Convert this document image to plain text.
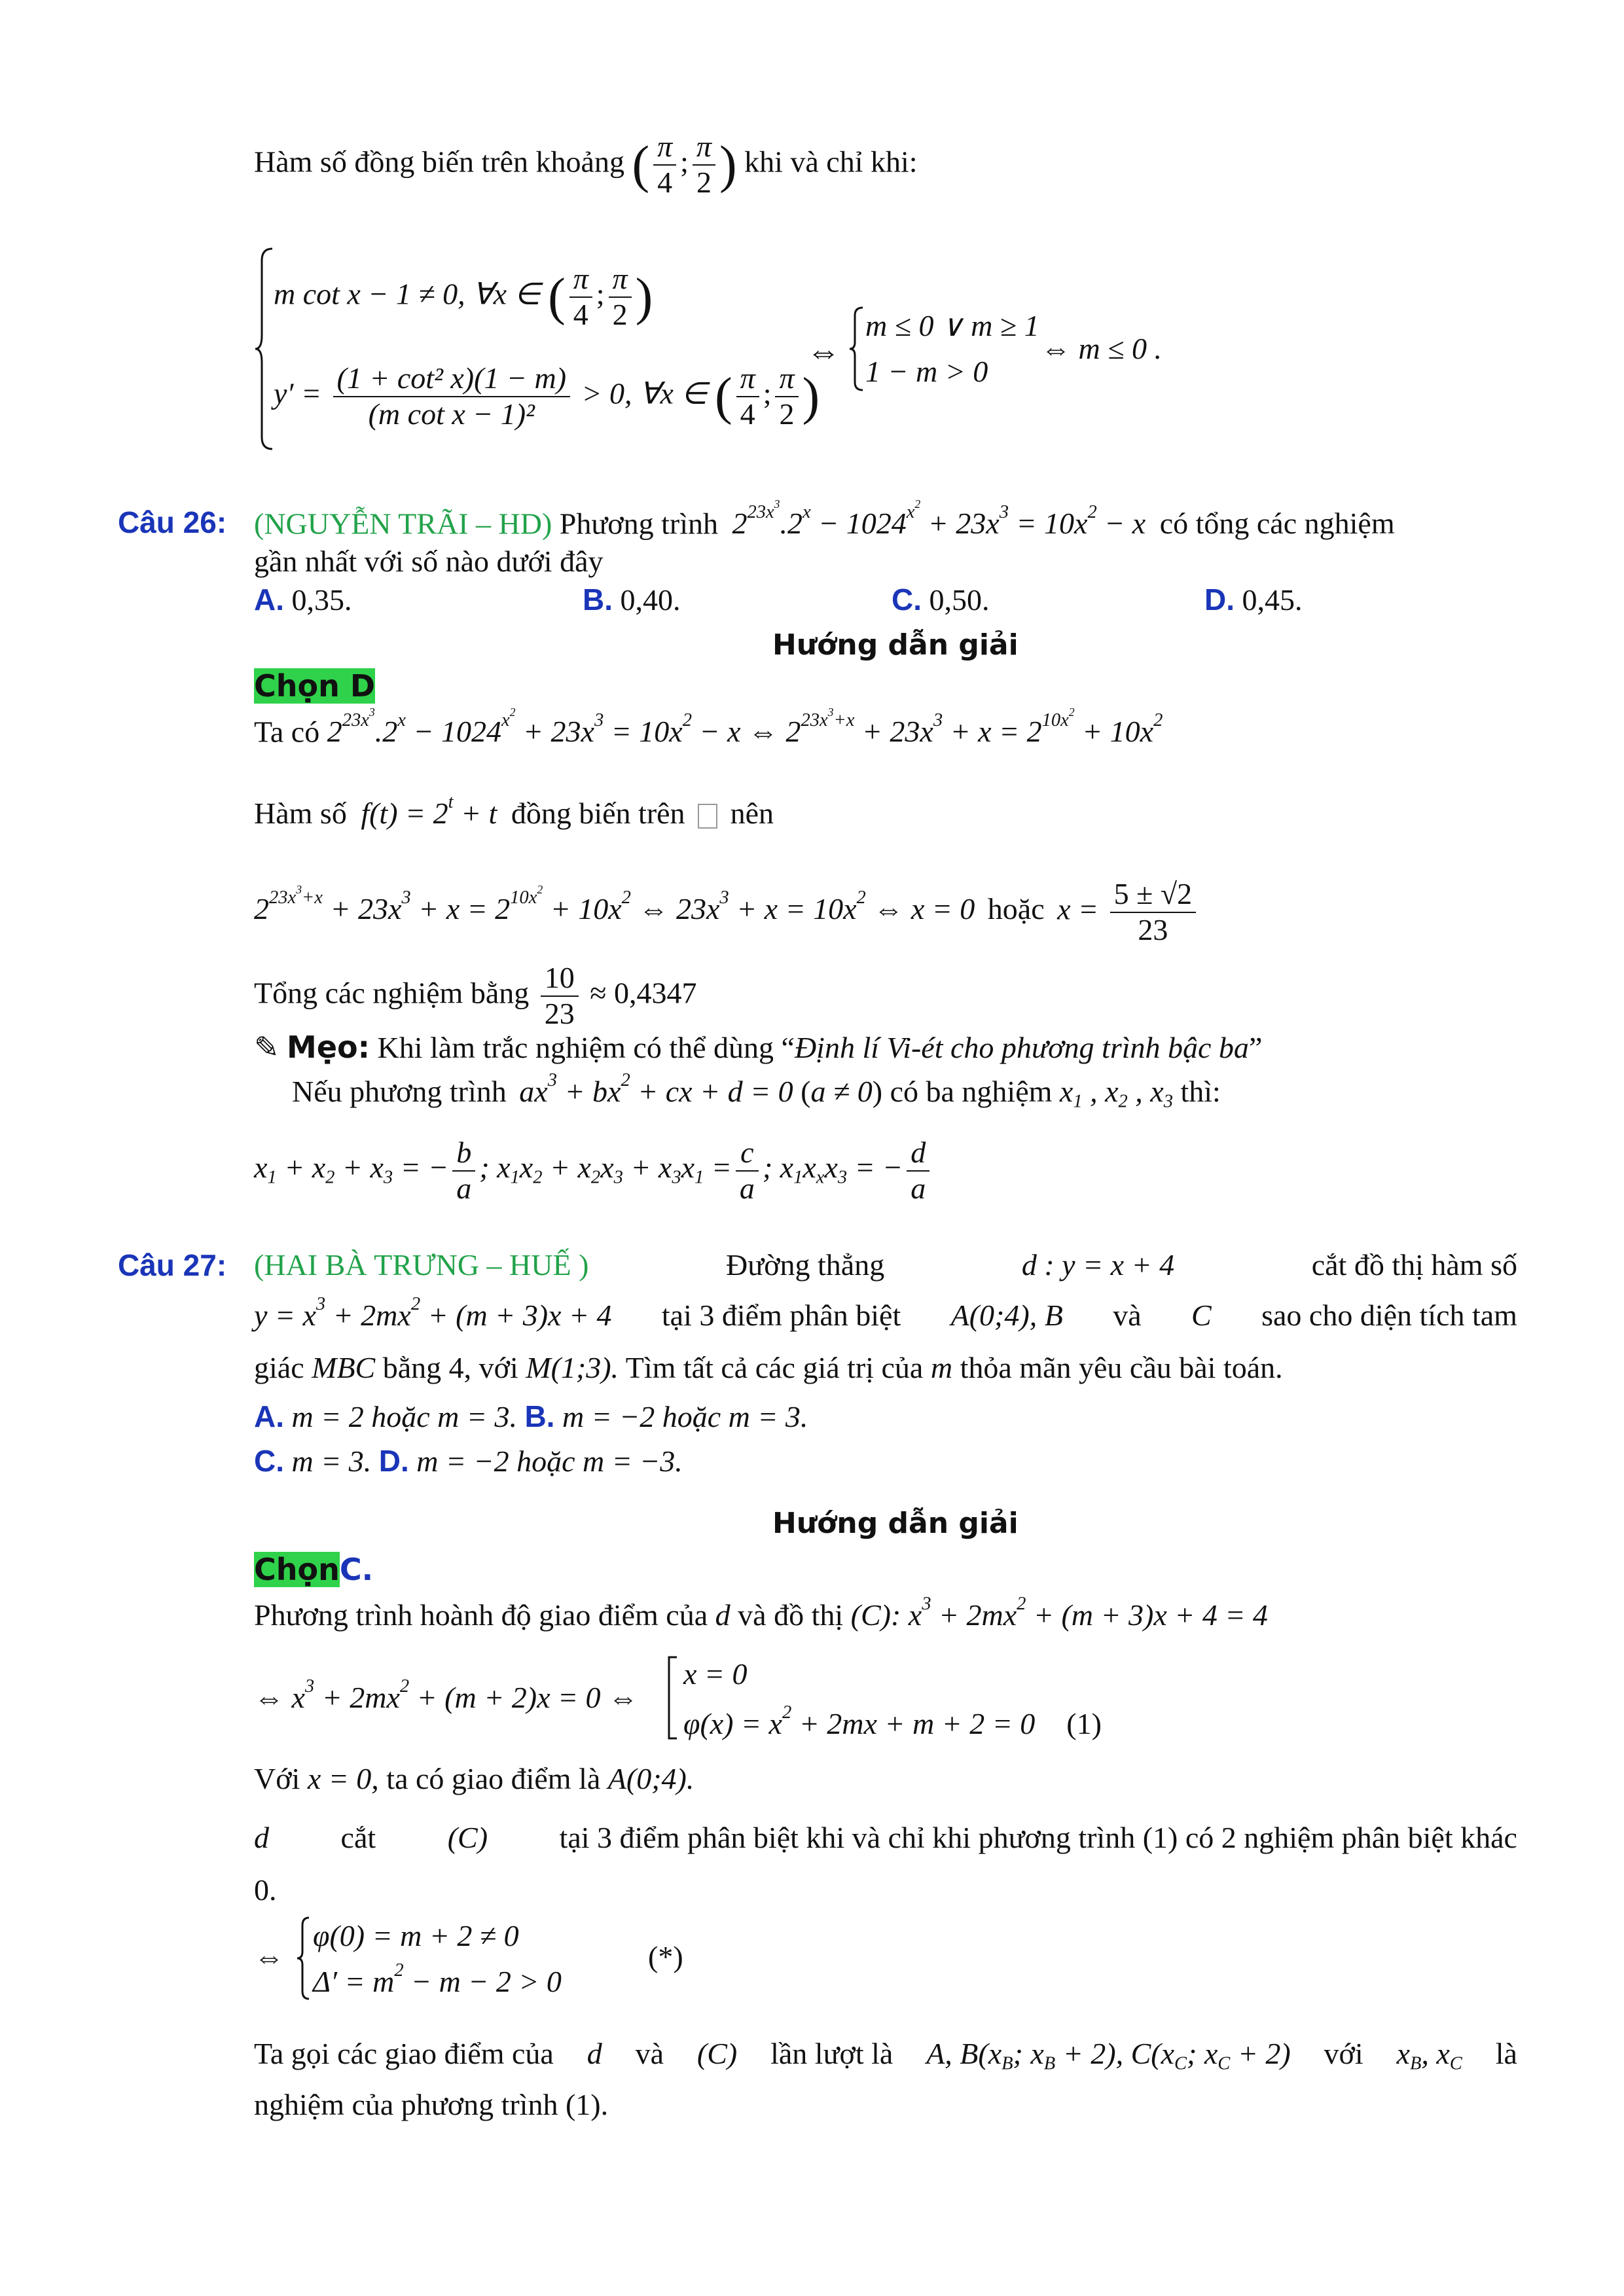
Hàm số đồng biến trên khoảng ( $\frac{\pi}{4}$ ; $\frac{\pi}{2}$ ) khi và chỉ khi:
m cot x − 1 ≠ 0, ∀x ∈ ( $\frac{\pi}{4}$ ; $\frac{\pi}{2}$ )
$y' = \frac{\text{(1 + cot² x)(1 − m)}}{\text{(m cot x − 1)²}} > 0$, ∀x ∈ ( $\frac{\pi}{4}$ ; $\frac{\pi}{2}$ )
⇔
m ≤ 0 ∨ m ≥ 1
1 − m > 0
⇔ m ≤ 0 .
Câu 26: (NGUYỄN TRÃI – HD) Phương trình $2^{23x^3}.2^x - 1024^{x^2} + 23x^3 = 10x^2 - x$ có tổng các nghiệm
gần nhất với số nào dưới đây
A. 0,35.	B. 0,40.	C. 0,50.	D. 0,45.
Hướng dẫn giải
Chọn D
Ta có $2^{23x^3}.2^x - 1024^{x^2} + 23x^3 = 10x^2 - x$ ⇔ $2^{23x^3+x} + 23x^3 + x = 2^{10x^2} + 10x^2$
Hàm số $f(t) = 2^t + t$ đồng biến trên nên
$2^{23x^3+x} + 23x^3 + x = 2^{10x^2} + 10x^2$ ⇔ $23x^3 + x = 10x^2$ ⇔ x = 0 hoặc $x = \frac{5 \pm √2}{23}$
Tổng các nghiệm bằng $\frac{10}{23} \approx 0,4347$
✎ Mẹo: Khi làm trắc nghiệm có thể dùng “Định lí Vi-ét cho phương trình bậc ba”
Nếu phương trình $ax^3 + bx^2$ + cx + d = 0 (a ≠ 0) có ba nghiệm $x_1$ , $x_2$ , $x_3$ thì:
$x_1 + x_2 + x_3$ = − $\frac{b}{a}$ ; $x_1x_2 + x_2x_3 + x_3x_1 = \frac{c}{a}$ ; $x_1x_xx_3$ = − $\frac{d}{a}$
Câu 27: (HAI BÀ TRƯNG – HUẾ )	Đường thẳng	d : y = x + 4	cắt đồ thị hàm số
$y = x^3 + 2mx^2 + (m + 3)x + 4$ tại 3 điểm phân biệt A(0;4), B và C sao cho diện tích tam
giác MBC bằng 4, với M(1;3). Tìm tất cả các giá trị của m thỏa mãn yêu cầu bài toán.
A. m = 2 hoặc m = 3. B. m = −2 hoặc m = 3.
C. m = 3. D. m = −2 hoặc m = −3.
Hướng dẫn giải
ChọnC.
Phương trình hoành độ giao điểm của d và đồ thị (C): $x^3 + 2mx^2 + (m + 3)x + 4 = 4$
⇔ $x^3 + 2mx^2 + (m + 2)x = 0$ ⇔
x = 0
$\varphi(x) = x^2 + 2mx + m + 2 = 0$ (1)
Với x = 0, ta có giao điểm là A(0;4).
d cắt (C) tại 3 điểm phân biệt khi và chỉ khi phương trình (1) có 2 nghiệm phân biệt khác
0.
⇔
φ(0) = m + 2 ≠ 0
$\Delta' = m^2 - m - 2 > 0$
(*)
Ta gọi các giao điểm của d và (C) lần lượt là A, $B(x_B$; $x_B + 2$), $C(x_C$; $x_C + 2$) với $x_B$, $x_C$ là
nghiệm của phương trình (1).
